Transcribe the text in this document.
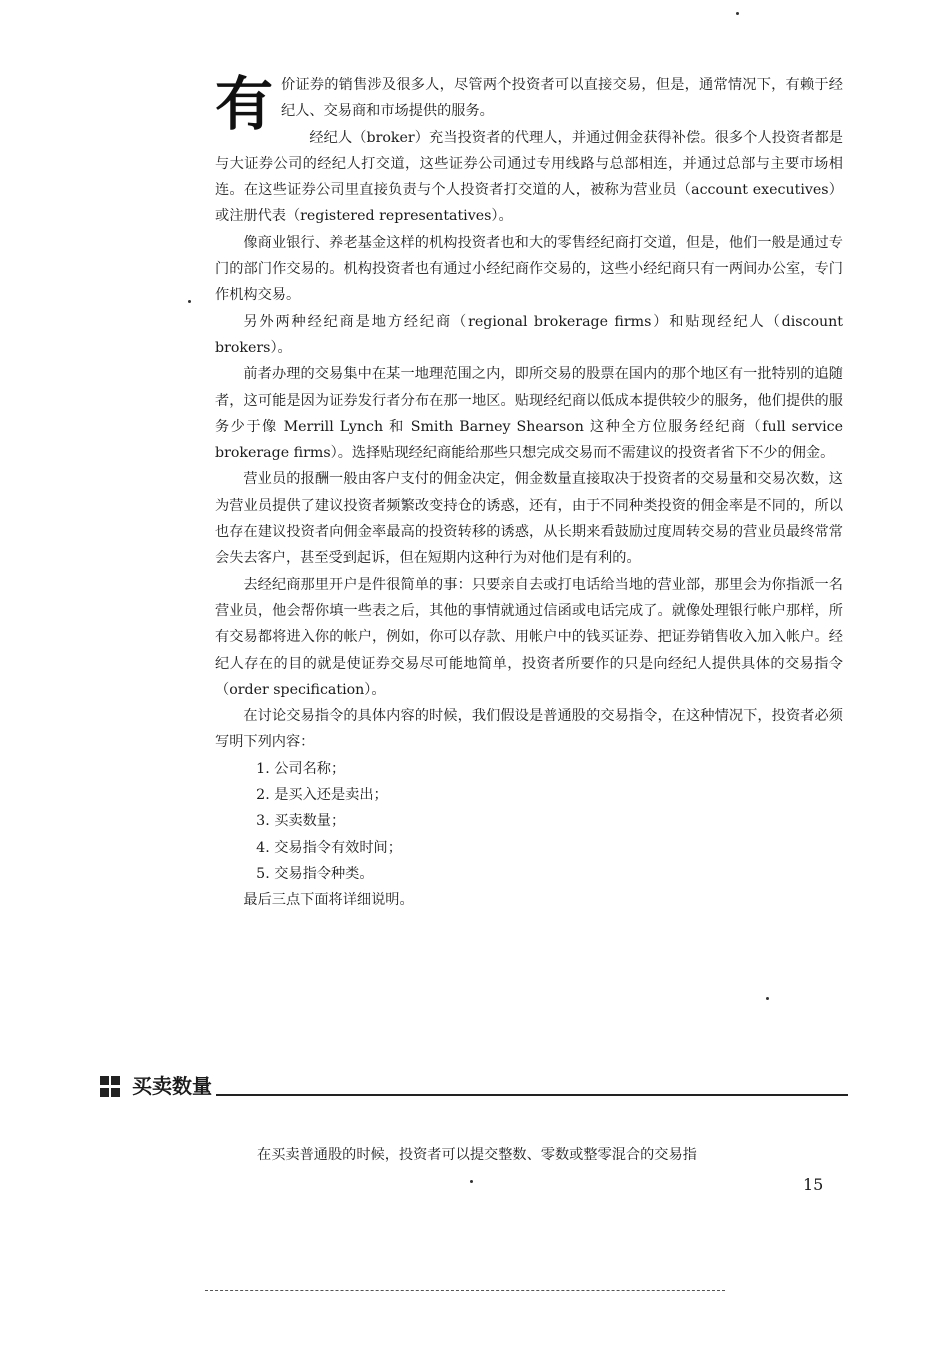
有 价证券的销售涉及很多人，尽管两个投资者可以直接交易，但是，通常情况下，有赖于经纪人、交易商和市场提供的服务。

经纪人（broker）充当投资者的代理人，并通过佣金获得补偿。很多个人投资者都是与大证券公司的经纪人打交道，这些证券公司通过专用线路与总部相连，并通过总部与主要市场相连。在这些证券公司里直接负责与个人投资者打交道的人，被称为营业员（account executives）或注册代表（registered representatives）。

像商业银行、养老基金这样的机构投资者也和大的零售经纪商打交道，但是，他们一般是通过专门的部门作交易的。机构投资者也有通过小经纪商作交易的，这些小经纪商只有一两间办公室，专门作机构交易。

另外两种经纪商是地方经纪商（regional brokerage firms）和贴现经纪人（discount brokers）。

前者办理的交易集中在某一地理范围之内，即所交易的股票在国内的那个地区有一批特别的追随者，这可能是因为证券发行者分布在那一地区。贴现经纪商以低成本提供较少的服务，他们提供的服务少于像 Merrill Lynch 和 Smith Barney Shearson 这种全方位服务经纪商（full service brokerage firms）。选择贴现经纪商能给那些只想完成交易而不需建议的投资者省下不少的佣金。

营业员的报酬一般由客户支付的佣金决定，佣金数量直接取决于投资者的交易量和交易次数，这为营业员提供了建议投资者频繁改变持仓的诱惑，还有，由于不同种类投资的佣金率是不同的，所以也存在建议投资者向佣金率最高的投资转移的诱惑，从长期来看鼓励过度周转交易的营业员最终常常会失去客户，甚至受到起诉，但在短期内这种行为对他们是有利的。

去经纪商那里开户是件很简单的事：只要亲自去或打电话给当地的营业部，那里会为你指派一名营业员，他会帮你填一些表之后，其他的事情就通过信函或电话完成了。就像处理银行帐户那样，所有交易都将进入你的帐户，例如，你可以存款、用帐户中的钱买证券、把证券销售收入加入帐户。经纪人存在的目的就是使证券交易尽可能地简单，投资者所要作的只是向经纪人提供具体的交易指令（order specification）。

在讨论交易指令的具体内容的时候，我们假设是普通股的交易指令，在这种情况下，投资者必须写明下列内容：

1. 公司名称；
2. 是买入还是卖出；
3. 买卖数量；
4. 交易指令有效时间；
5. 交易指令种类。

最后三点下面将详细说明。

买卖数量
在买卖普通股的时候，投资者可以提交整数、零数或整零混合的交易指
15
